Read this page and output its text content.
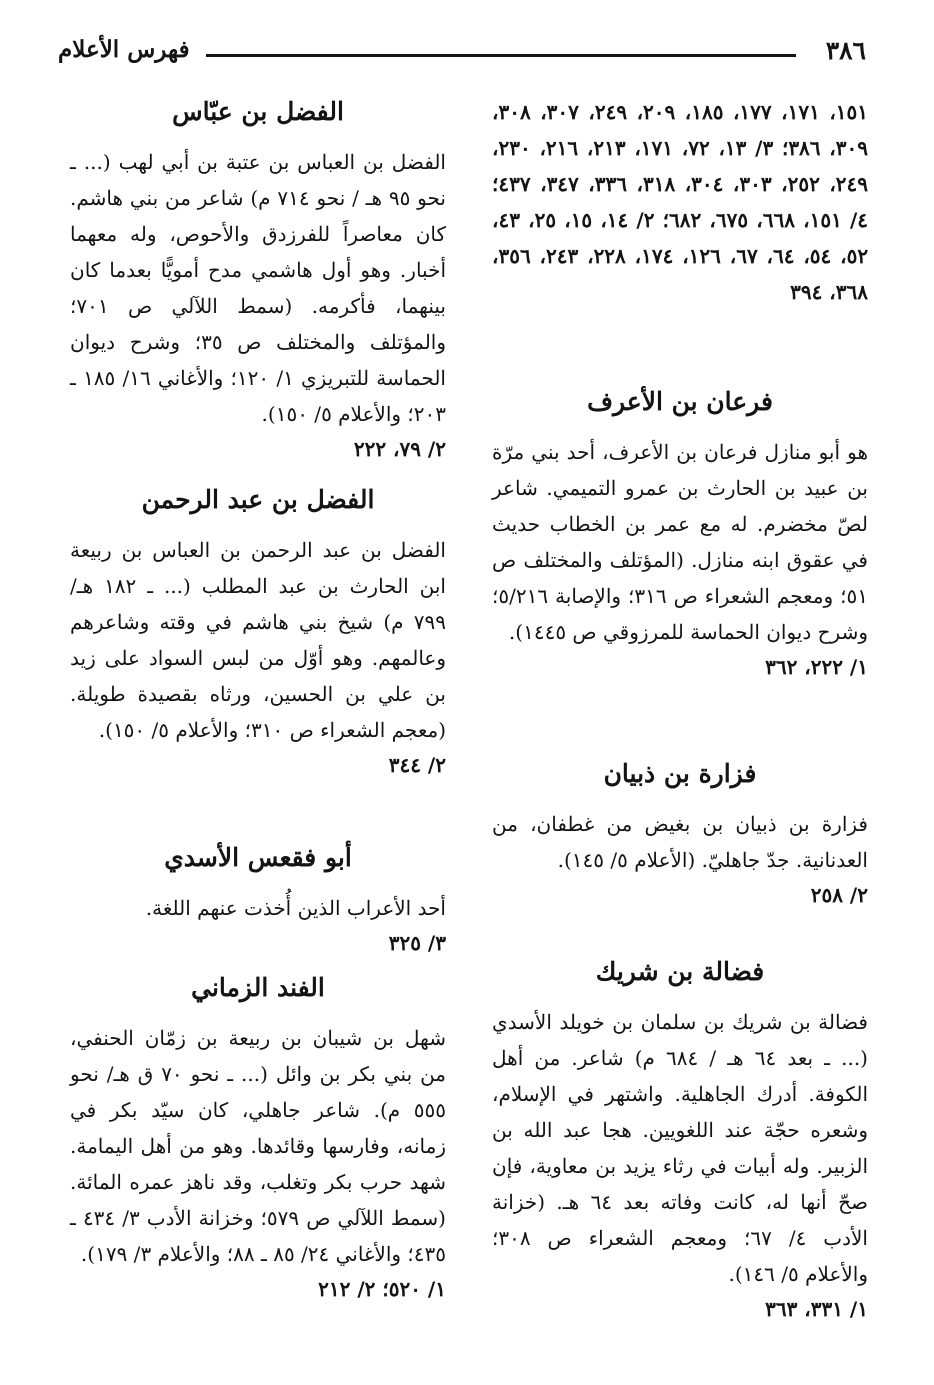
٣٨٦
فهرس الأعلام
١٥١، ١٧١، ١٧٧، ١٨٥، ٢٠٩، ٢٤٩، ٣٠٧، ٣٠٨، ٣٠٩، ٣٨٦؛ ٣/ ١٣، ٧٢، ١٧١، ٢١٣، ٢١٦، ٢٣٠، ٢٤٩، ٢٥٢، ٣٠٣، ٣٠٤، ٣١٨، ٣٣٦، ٣٤٧، ٤٣٧؛ ٤/ ١٥١، ٦٦٨، ٦٧٥، ٦٨٢؛ ٢/ ١٤، ١٥، ٢٥، ٤٣، ٥٢، ٥٤، ٦٤، ٦٧، ١٢٦، ١٧٤، ٢٢٨، ٢٤٣، ٣٥٦، ٣٦٨، ٣٩٤
فرعان بن الأعرف
هو أبو منازل فرعان بن الأعرف، أحد بني مرّة بن عبيد بن الحارث بن عمرو التميمي. شاعر لصّ مخضرم. له مع عمر بن الخطاب حديث في عقوق ابنه منازل. (المؤتلف والمختلف ص ٥١؛ ومعجم الشعراء ص ٣١٦؛ والإصابة ٥/٢١٦؛ وشرح ديوان الحماسة للمرزوقي ص ١٤٤٥).
١/ ٢٢٢، ٣٦٢
فزارة بن ذبيان
فزارة بن ذبيان بن بغيض من غطفان، من العدنانية. جدّ جاهليّ. (الأعلام ٥/ ١٤٥).
٢/ ٢٥٨
فضالة بن شريك
فضالة بن شريك بن سلمان بن خويلد الأسدي (... ـ بعد ٦٤ هـ / ٦٨٤ م) شاعر. من أهل الكوفة. أدرك الجاهلية. واشتهر في الإسلام، وشعره حجّة عند اللغويين. هجا عبد الله بن الزبير. وله أبيات في رثاء يزيد بن معاوية، فإن صحّ أنها له، كانت وفاته بعد ٦٤ هـ. (خزانة الأدب ٤/ ٦٧؛ ومعجم الشعراء ص ٣٠٨؛ والأعلام ٥/ ١٤٦).
١/ ٣٣١، ٣٦٣
الفضل بن عبّاس
الفضل بن العباس بن عتبة بن أبي لهب (... ـ نحو ٩٥ هـ / نحو ٧١٤ م) شاعر من بني هاشم. كان معاصراً للفرزدق والأحوص، وله معهما أخبار. وهو أول هاشمي مدح أمويًّا بعدما كان بينهما، فأكرمه. (سمط اللآلي ص ٧٠١؛ والمؤتلف والمختلف ص ٣٥؛ وشرح ديوان الحماسة للتبريزي ١/ ١٢٠؛ والأغاني ١٦/ ١٨٥ ـ ٢٠٣؛ والأعلام ٥/ ١٥٠).
٢/ ٧٩، ٢٢٢
الفضل بن عبد الرحمن
الفضل بن عبد الرحمن بن العباس بن ربيعة ابن الحارث بن عبد المطلب (... ـ ١٨٢ هـ/ ٧٩٩ م) شيخ بني هاشم في وقته وشاعرهم وعالمهم. وهو أوّل من لبس السواد على زيد بن علي بن الحسين، ورثاه بقصيدة طويلة. (معجم الشعراء ص ٣١٠؛ والأعلام ٥/ ١٥٠).
٢/ ٣٤٤
أبو فقعس الأسدي
أحد الأعراب الذين أُخذت عنهم اللغة.
٣/ ٣٢٥
الفند الزماني
شهل بن شيبان بن ربيعة بن زمّان الحنفي، من بني بكر بن وائل (... ـ نحو ٧٠ ق هـ/ نحو ٥٥٥ م). شاعر جاهلي، كان سيّد بكر في زمانه، وفارسها وقائدها. وهو من أهل اليمامة. شهد حرب بكر وتغلب، وقد ناهز عمره المائة. (سمط اللآلي ص ٥٧٩؛ وخزانة الأدب ٣/ ٤٣٤ ـ ٤٣٥؛ والأغاني ٢٤/ ٨٥ ـ ٨٨؛ والأعلام ٣/ ١٧٩).
١/ ٥٢٠؛ ٢/ ٢١٢
